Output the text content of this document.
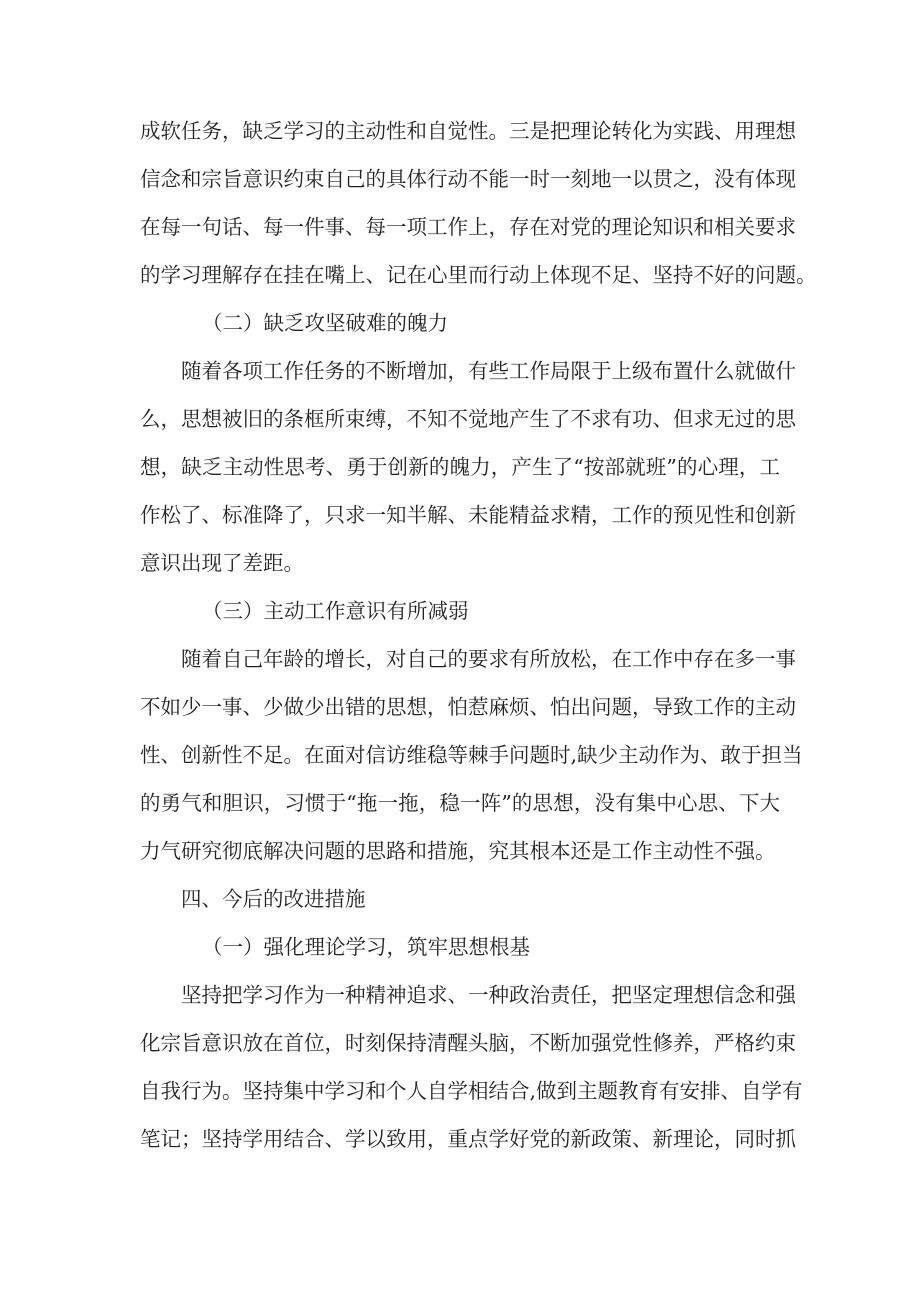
成软任务，缺乏学习的主动性和自觉性。三是把理论转化为实践、用理想
信念和宗旨意识约束自己的具体行动不能一时一刻地一以贯之，没有体现
在每一句话、每一件事、每一项工作上，存在对党的理论知识和相关要求
的学习理解存在挂在嘴上、记在心里而行动上体现不足、坚持不好的问题。

（二）缺乏攻坚破难的魄力

随着各项工作任务的不断增加，有些工作局限于上级布置什么就做什
么，思想被旧的条框所束缚，不知不觉地产生了不求有功、但求无过的思
想，缺乏主动性思考、勇于创新的魄力，产生了“按部就班”的心理，工
作松了、标准降了，只求一知半解、未能精益求精，工作的预见性和创新
意识出现了差距。

（三）主动工作意识有所减弱

随着自己年龄的增长，对自己的要求有所放松，在工作中存在多一事
不如少一事、少做少出错的思想，怕惹麻烦、怕出问题，导致工作的主动
性、创新性不足。在面对信访维稳等棘手问题时,缺少主动作为、敢于担当
的勇气和胆识，习惯于“拖一拖，稳一阵”的思想，没有集中心思、下大
力气研究彻底解决问题的思路和措施，究其根本还是工作主动性不强。

四、今后的改进措施

（一）强化理论学习，筑牢思想根基

坚持把学习作为一种精神追求、一种政治责任，把坚定理想信念和强
化宗旨意识放在首位，时刻保持清醒头脑，不断加强党性修养，严格约束
自我行为。坚持集中学习和个人自学相结合,做到主题教育有安排、自学有
笔记；坚持学用结合、学以致用，重点学好党的新政策、新理论，同时抓
